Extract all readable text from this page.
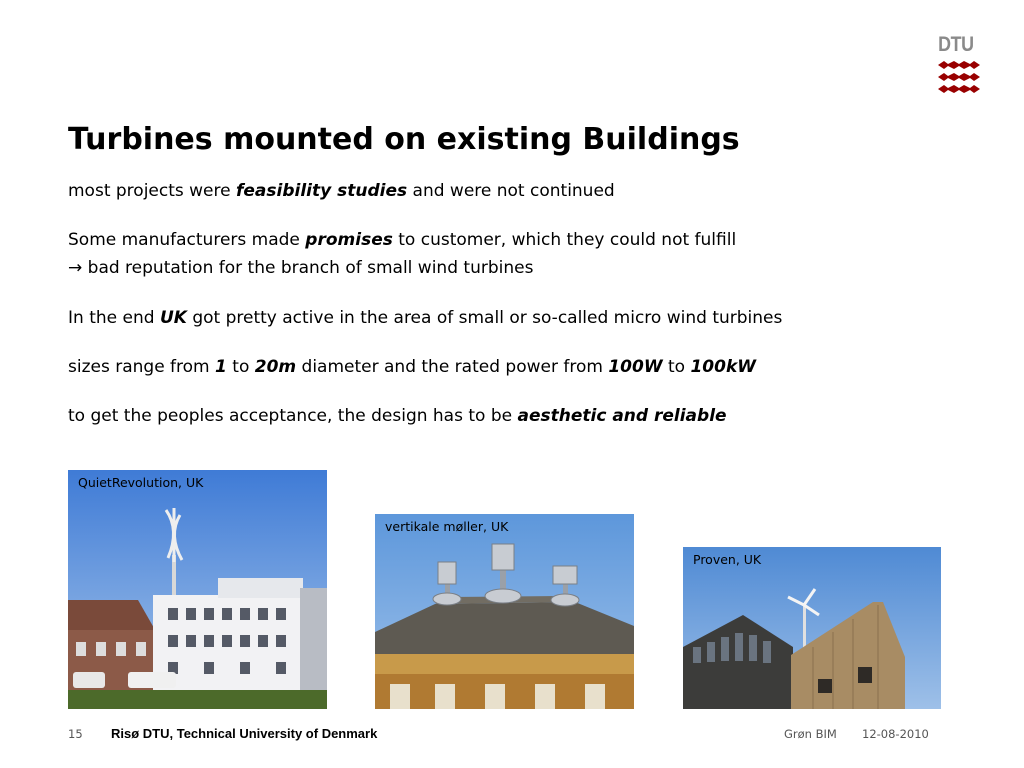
DTU
Turbines mounted on existing Buildings

most projects were feasibility studies and were not continued

Some manufacturers made promises to customer, which they could not fulfill

→ bad reputation for the branch of small wind turbines

In the end UK got pretty active in the area of small or so-called micro wind turbines

sizes range from 1 to 20m diameter and the rated power from 100W to 100kW

to get the peoples acceptance, the design has to be aesthetic and reliable

QuietRevolution, UK
vertikale møller, UK
Proven, UK
15 Risø DTU, Technical University of Denmark	Grøn BIM 12-08-2010
